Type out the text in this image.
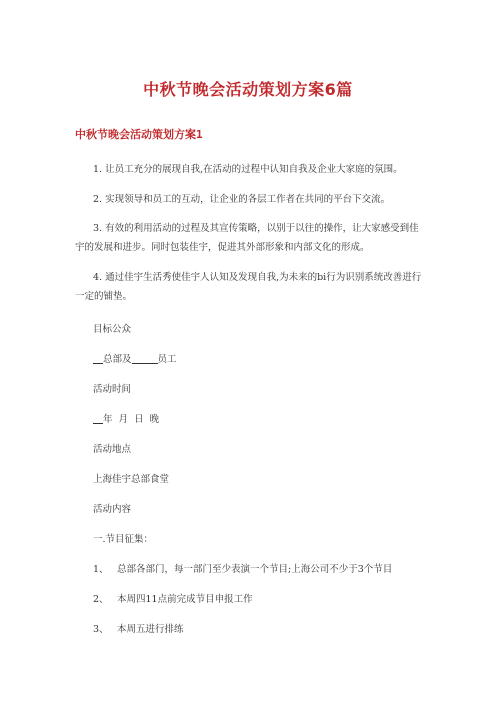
中秋节晚会活动策划方案6篇
中秋节晚会活动策划方案1

1. 让员工充分的展现自我,在活动的过程中认知自我及企业大家庭的氛围。

2. 实现领导和员工的互动，让企业的各层工作者在共同的平台下交流。

3. 有效的利用活动的过程及其宣传策略，以别于以往的操作，让大家感受到佳宇的发展和进步。同时包装佳宇，促进其外部形象和内部文化的形成。

4. 通过佳宇生活秀使佳宇人认知及发现自我,为未来的bi行为识别系统改善进行一定的铺垫。

目标公众
总部及	员工
活动时间
年  月  日  晚
活动地点
上海佳宇总部食堂
活动内容
一.节目征集：
1、 总部各部门，每一部门至少表演一个节目;上海公司不少于3个节目
2、 本周四11点前完成节目申报工作
3、 本周五进行排练
